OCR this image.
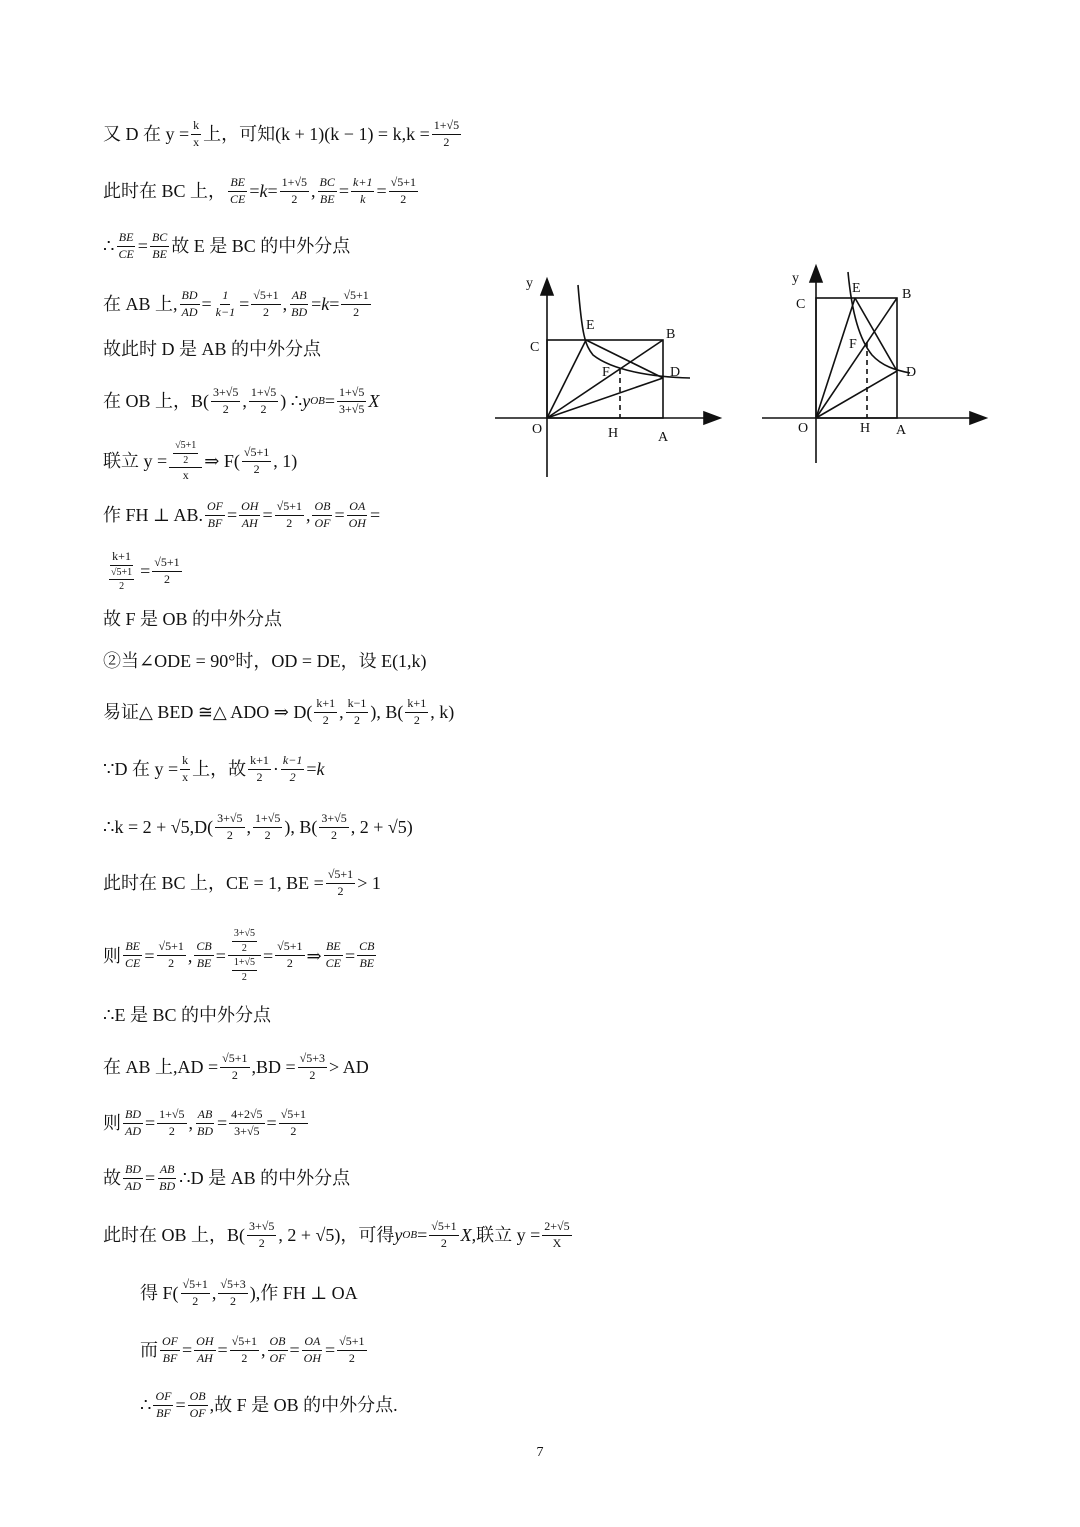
又 D 在 $y = \frac{k}{x}$ 上，可知$(k + 1)(k - 1) = k,k = \frac{1+√5}{2}$
此时在 BC 上， $\frac{BE}{CE} = k = \frac{1+√5}{2}$ , $\frac{BC}{BE} = \frac{k+1}{k} = \frac{√5+1}{2}$
∴ $\frac{BE}{CE} = \frac{BC}{BE}$ 故 E 是 BC 的中外分点
在 AB 上, $\frac{BD}{AD} = \frac{1}{k-1} = \frac{√5+1}{2}$ , $\frac{AB}{BD} = k = \frac{√5+1}{2}$
故此时 D 是 AB 的中外分点
在 OB 上，$B( \frac{3+√5}{2}$ , $\frac{1+√5}{2}$ ) ∴ y OB = $\frac{1+√5}{3+√5}$ X
联立 $y = \frac{\frac{√5+1}{2}}{x}$ ⇒ $F( \frac{√5+1}{2}$ , 1)
作 FH ⊥ AB. $\frac{OF}{BF} = \frac{OH}{AH} = \frac{√5+1}{2}$ , $\frac{OB}{OF} = \frac{OA}{OH}$ =
$\frac{k+1}{\frac{√5+1}{2}} = \frac{√5+1}{2}$
故 F 是 OB 的中外分点
②当∠ODE = 90°时，OD = DE，设 E(1,k)
易证△ BED ≅△ ADO ⇒ $D( \frac{k+1}{2}$ , $\frac{k-1}{2}$ ), $B( \frac{k+1}{2}$ , k)
∵D 在 $y = \frac{k}{x}$ 上，故 $\frac{k+1}{2} \cdot \frac{k-1}{2} = k$
∴k = $2 + √5,D( \frac{3+√5}{2}$ , $\frac{1+√5}{2}$ ), $B( \frac{3+√5}{2}$ , 2 + √5)
此时在 BC 上，CE = 1, BE = $\frac{√5+1}{2} > 1$
则 $\frac{BE}{CE} = \frac{√5+1}{2}$ , $\frac{CB}{BE} = \frac{\frac{3+√5}{2}}{\frac{1+√5}{2}} = \frac{√5+1}{2}$ ⇒ $\frac{BE}{CE} = \frac{CB}{BE}$
∴E 是 BC 的中外分点
在 AB 上$,AD = \frac{√5+1}{2} ,BD = \frac{√5+3}{2}$ > AD
则 $\frac{BD}{AD} = \frac{1+√5}{2}$ , $\frac{AB}{BD} = \frac{4+2√5}{3+√5} = \frac{√5+1}{2}$
故 $\frac{BD}{AD} = \frac{AB}{BD}$ ∴D 是 AB 的中外分点
此时在 OB 上，$B( \frac{3+√5}{2}$ , 2 + √5)，可得 y OB = $\frac{√5+1}{2}$ X ,联立 $y = \frac{2+√5}{X}$
得 $F( \frac{√5+1}{2}$ , $\frac{√5+3}{2}$ ),作 FH ⊥ OA
而 $\frac{OF}{BF} = \frac{OH}{AH} = \frac{√5+1}{2}$ , $\frac{OB}{OF} = \frac{OA}{OH} = \frac{√5+1}{2}$
∴ $\frac{OF}{BF} = \frac{OB}{OF}$ ,故 F 是 OB 的中外分点.
y
C
E
B
F	D
O	H	A
y
C
E	B
F
D
O	H A
7
